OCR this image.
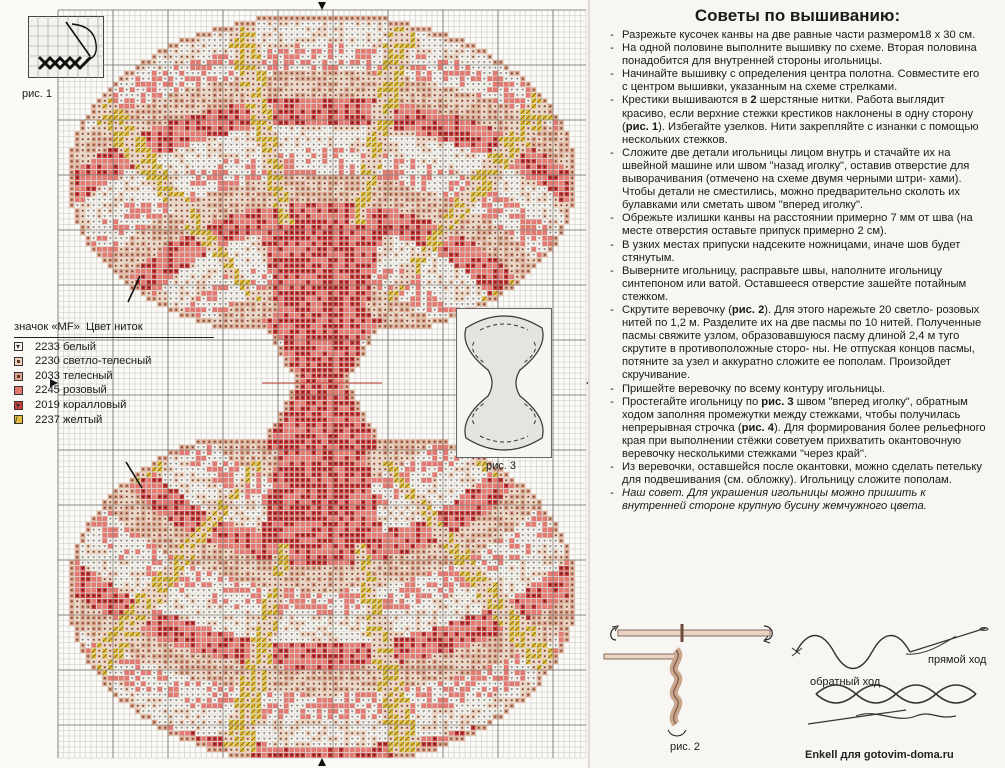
рис. 1
рис. 3
значок «MF» Цвет ниток
▾ 2233 белый
2230 светло-телесный
2033 телесный
2245 розовый
▾ 2019 коралловый
/ 2237 желтый
Советы по вышиванию:
- Разрежьте кусочек канвы на две равные части размером18 х 30 см.
- На одной половине выполните вышивку по схеме. Вторая половина понадобится для внутренней стороны игольницы.
- Начинайте вышивку с определения центра полотна. Совместите его с центром вышивки, указанным на схеме стрелками.
- Крестики вышиваются в 2 шерстяные нитки. Работа выглядит красиво, если верхние стежки крестиков наклонены в одну сторону (рис. 1). Избегайте узелков. Нити закрепляйте с изнанки с помощью нескольких стежков.
- Сложите две детали игольницы лицом внутрь и стачайте их на швейной машине или швом "назад иголку", оставив отверстие для выворачивания (отмечено на схеме двумя черными штри- хами). Чтобы детали не сместились, можно предварительно сколоть их булавками или сметать швом "вперед иголку".
- Обрежьте излишки канвы на расстоянии примерно 7 мм от шва (на месте отверстия оставьте припуск примерно 2 см).
- В узких местах припуски надсеките ножницами, иначе шов будет стянутым.
- Выверните игольницу, расправьте швы, наполните игольницу синтепоном или ватой. Оставшееся отверстие зашейте потайным стежком.
- Скрутите веревочку (рис. 2). Для этого нарежьте 20 светло- розовых нитей по 1,2 м. Разделите их на две пасмы по 10 нитей. Полученные пасмы свяжите узлом, образовавшуюся пасму длиной 2,4 м туго скрутите в противоположные сторо- ны. Не отпуская концов пасмы, потяните за узел и аккуратно сложите ее пополам. Произойдет скручивание.
- Пришейте веревочку по всему контуру игольницы.
- Простегайте игольницу по рис. 3 швом "вперед иголку", обратным ходом заполняя промежутки между стежками, чтобы получилась непрерывная строчка (рис. 4). Для формирования более рельефного края при выполнении стёжки советуем прихватить окантовочную веревочку несколькими стежками "через край".
- Из веревочки, оставшейся после окантовки, можно сделать петельку для подвешивания (см. обложку). Игольницу сложите пополам.
- Наш совет. Для украшения игольницы можно пришить к внутренней стороне крупную бусину жемчужного цвета.
рис. 2
прямой ход
обратный ход
Enkell для gotovim-doma.ru
